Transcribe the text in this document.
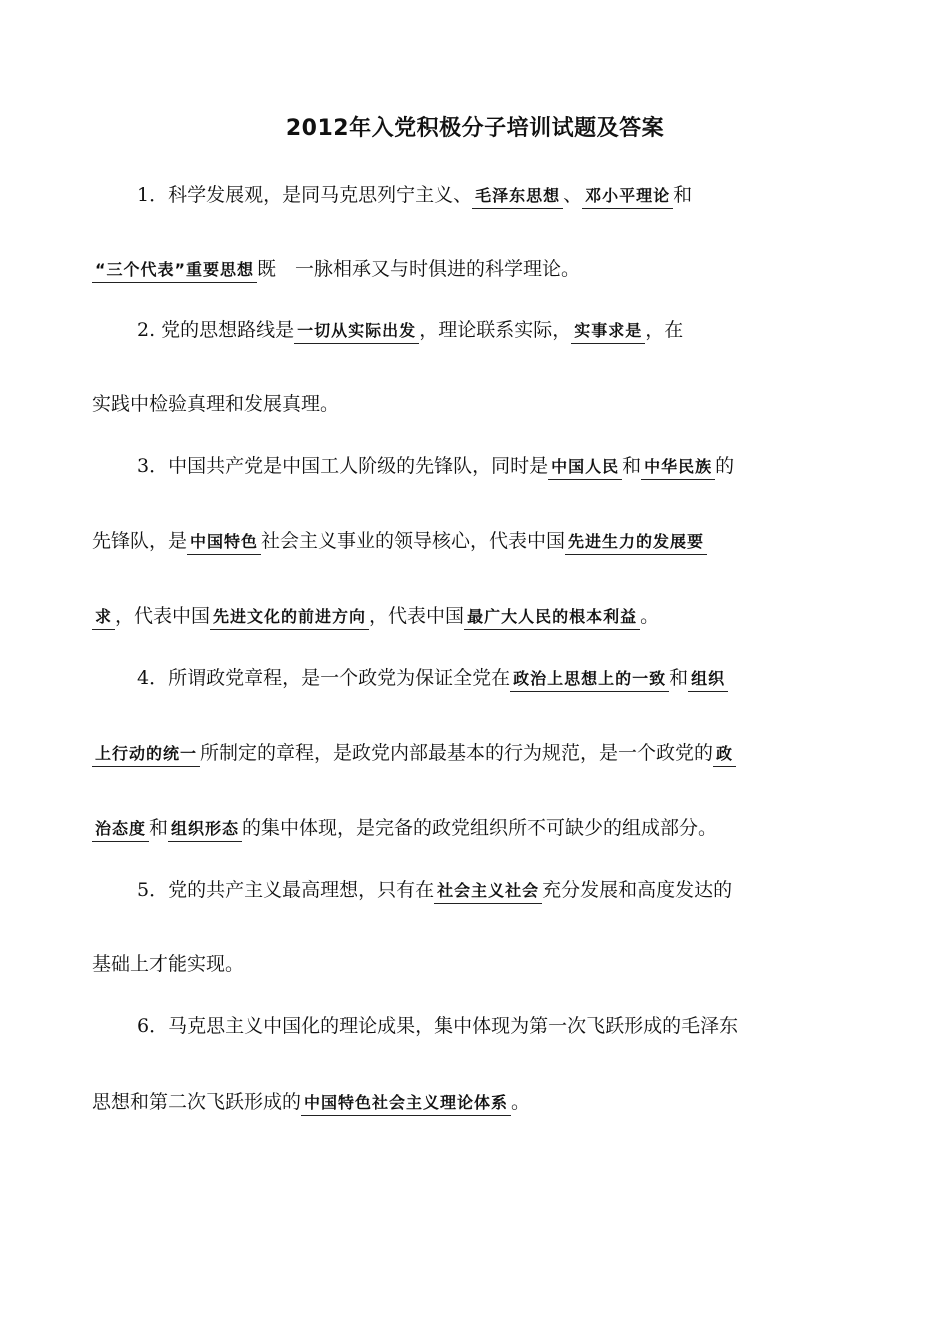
2012年入党积极分子培训试题及答案
1．科学发展观，是同马克思列宁主义、 毛泽东思想 、 邓小平理论 和
“三个代表”重要思想 既　一脉相承又与时俱进的科学理论。
2. 党的思想路线是 一切从实际出发 ，理论联系实际， 实事求是 ，在
实践中检验真理和发展真理。
3．中国共产党是中国工人阶级的先锋队，同时是 中国人民 和 中华民族 的
先锋队，是 中国特色 社会主义事业的领导核心，代表中国 先进生力的发展要
求 ，代表中国 先进文化的前进方向 ，代表中国 最广大人民的根本利益 。
4．所谓政党章程，是一个政党为保证全党在 政治上思想上的一致 和 组织
上行动的统一 所制定的章程，是政党内部最基本的行为规范，是一个政党的 政
治态度 和 组织形态 的集中体现，是完备的政党组织所不可缺少的组成部分。
5．党的共产主义最高理想，只有在 社会主义社会 充分发展和高度发达的
基础上才能实现。
6．马克思主义中国化的理论成果，集中体现为第一次飞跃形成的毛泽东
思想和第二次飞跃形成的 中国特色社会主义理论体系 。
